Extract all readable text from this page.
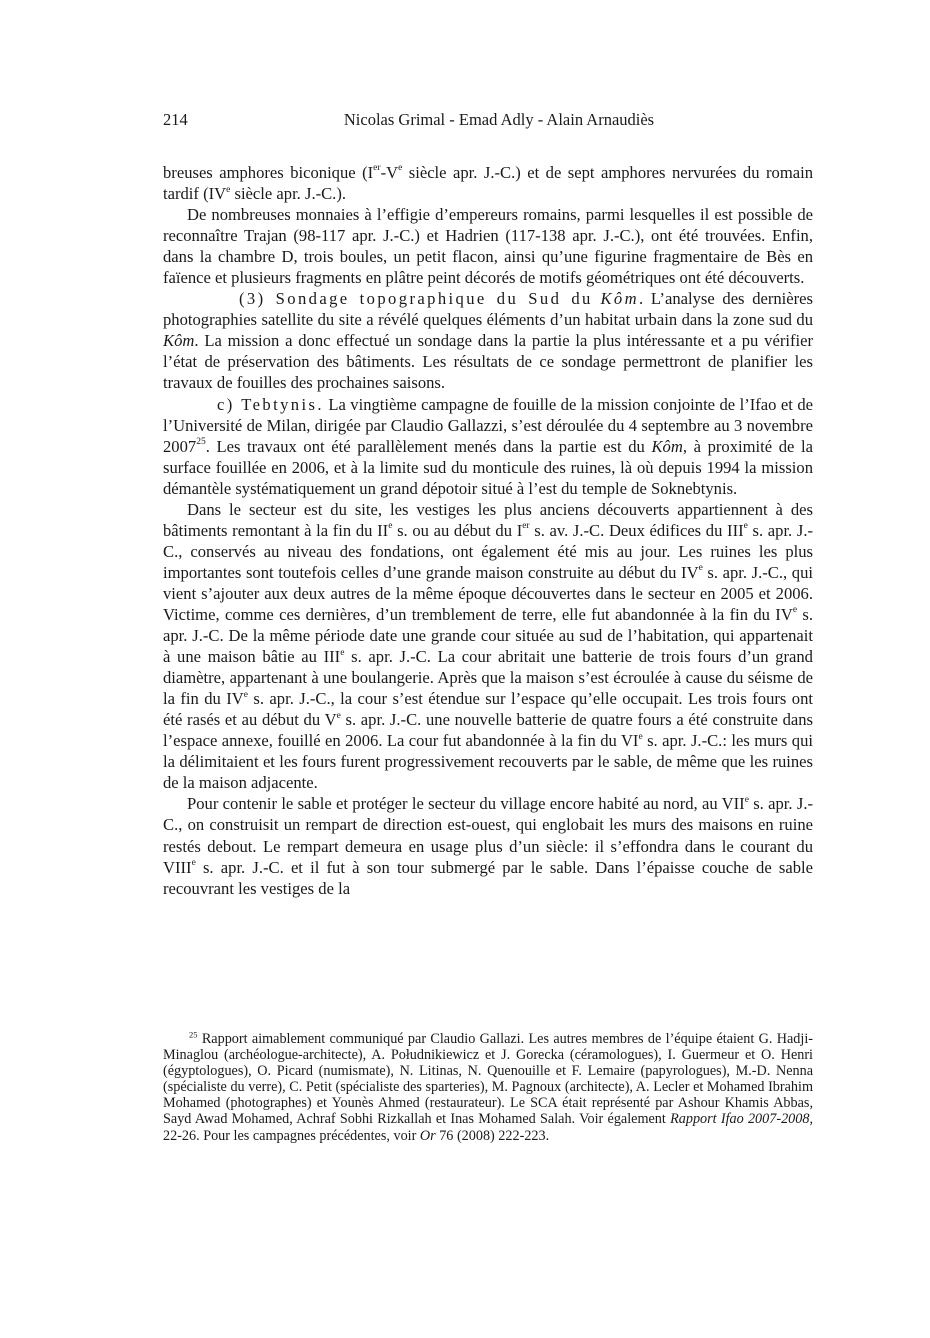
214	Nicolas Grimal - Emad Adly - Alain Arnaudiès

breuses amphores biconique (Ier-Ve siècle apr. J.-C.) et de sept amphores nervurées du romain tardif (IVe siècle apr. J.-C.).

De nombreuses monnaies à l’effigie d’empereurs romains, parmi lesquelles il est possible de reconnaître Trajan (98-117 apr. J.-C.) et Hadrien (117-138 apr. J.-C.), ont été trouvées. Enfin, dans la chambre D, trois boules, un petit flacon, ainsi qu’une figurine fragmentaire de Bès en faïence et plusieurs fragments en plâtre peint décorés de motifs géométriques ont été découverts.

(3) Sondage topographique du Sud du Kôm. L’analyse des dernières photographies satellite du site a révélé quelques éléments d’un habitat urbain dans la zone sud du Kôm. La mission a donc effectué un sondage dans la partie la plus intéressante et a pu vérifier l’état de préservation des bâtiments. Les résultats de ce sondage permettront de planifier les travaux de fouilles des prochaines saisons.

c) Tebtynis. La vingtième campagne de fouille de la mission conjointe de l’Ifao et de l’Université de Milan, dirigée par Claudio Gallazzi, s’est déroulée du 4 septembre au 3 novembre 2007$^{25}$. Les travaux ont été parallèlement menés dans la partie est du Kôm, à proximité de la surface fouillée en 2006, et à la limite sud du monticule des ruines, là où depuis 1994 la mission démantèle systématiquement un grand dépotoir situé à l’est du temple de Soknebtynis.

Dans le secteur est du site, les vestiges les plus anciens découverts appartiennent à des bâtiments remontant à la fin du IIe s. ou au début du Ier s. av. J.-C. Deux édifices du IIIe s. apr. J.-C., conservés au niveau des fondations, ont également été mis au jour. Les ruines les plus importantes sont toutefois celles d’une grande maison construite au début du IVe s. apr. J.-C., qui vient s’ajouter aux deux autres de la même époque découvertes dans le secteur en 2005 et 2006. Victime, comme ces dernières, d’un tremblement de terre, elle fut abandonnée à la fin du IVe s. apr. J.-C. De la même période date une grande cour située au sud de l’habitation, qui appartenait à une maison bâtie au IIIe s. apr. J.-C. La cour abritait une batterie de trois fours d’un grand diamètre, appartenant à une boulangerie. Après que la maison s’est écroulée à cause du séisme de la fin du IVe s. apr. J.-C., la cour s’est étendue sur l’espace qu’elle occupait. Les trois fours ont été rasés et au début du Ve s. apr. J.-C. une nouvelle batterie de quatre fours a été construite dans l’espace annexe, fouillé en 2006. La cour fut abandonnée à la fin du VIe s. apr. J.-C.: les murs qui la délimitaient et les fours furent progressivement recouverts par le sable, de même que les ruines de la maison adjacente.

Pour contenir le sable et protéger le secteur du village encore habité au nord, au VIIe s. apr. J.-C., on construisit un rempart de direction est-ouest, qui englobait les murs des maisons en ruine restés debout. Le rempart demeura en usage plus d’un siècle: il s’effondra dans le courant du VIIIe s. apr. J.-C. et il fut à son tour submergé par le sable. Dans l’épaisse couche de sable recouvrant les vestiges de la

$^{25}$ Rapport aimablement communiqué par Claudio Gallazi. Les autres membres de l’équipe étaient G. Hadji-Minaglou (archéologue-architecte), A. Południkiewicz et J. Gorecka (céramologues), I. Guermeur et O. Henri (égyptologues), O. Picard (numismate), N. Litinas, N. Quenouille et F. Lemaire (papyrologues), M.-D. Nenna (spécialiste du verre), C. Petit (spécialiste des sparteries), M. Pagnoux (architecte), A. Lecler et Mohamed Ibrahim Mohamed (photographes) et Younès Ahmed (restaurateur). Le SCA était représenté par Ashour Khamis Abbas, Sayd Awad Mohamed, Achraf Sobhi Rizkallah et Inas Mohamed Salah. Voir également Rapport Ifao 2007-2008, 22-26. Pour les campagnes précédentes, voir Or 76 (2008) 222-223.
